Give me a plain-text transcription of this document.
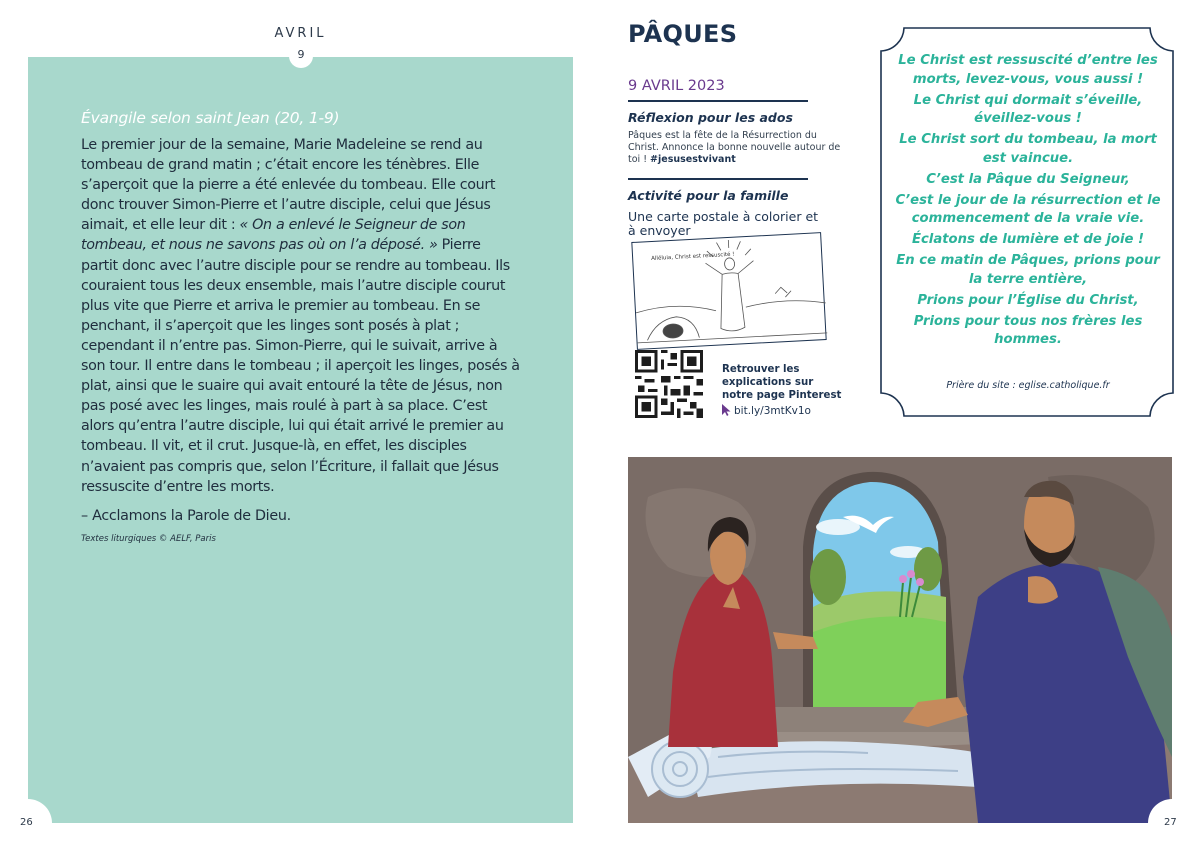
AVRIL
9
Évangile selon saint Jean (20, 1-9)
Le premier jour de la semaine, Marie Madeleine se rend au tombeau de grand matin ; c’était encore les ténèbres. Elle s’aperçoit que la pierre a été enlevée du tombeau. Elle court donc trouver Simon-Pierre et l’autre disciple, celui que Jésus aimait, et elle leur dit : « On a enlevé le Seigneur de son tombeau, et nous ne savons pas où on l’a déposé. » Pierre partit donc avec l’autre disciple pour se rendre au tombeau. Ils couraient tous les deux ensemble, mais l’autre disciple courut plus vite que Pierre et arriva le premier au tombeau. En se penchant, il s’aperçoit que les linges sont posés à plat ; cependant il n’entre pas. Simon-Pierre, qui le suivait, arrive à son tour. Il entre dans le tombeau ; il aperçoit les linges, posés à plat, ainsi que le suaire qui avait entouré la tête de Jésus, non pas posé avec les linges, mais roulé à part à sa place. C’est alors qu’entra l’autre disciple, lui qui était arrivé le premier au tombeau. Il vit, et il crut. Jusque-là, en effet, les disciples n’avaient pas compris que, selon l’Écriture, il fallait que Jésus ressuscite d’entre les morts.
– Acclamons la Parole de Dieu.
Textes liturgiques © AELF, Paris
26
PÂQUES
9 AVRIL 2023
Réflexion pour les ados
Pâques est la fête de la Résurrection du Christ. Annonce la bonne nouvelle autour de toi ! #jesusestvivant
Activité pour la famille
Une carte postale à colorier et à envoyer
Alléluia, Christ est ressuscité !
Retrouver les explications sur notre page Pinterest
bit.ly/3mtKv1o

Le Christ est ressuscité d’entre les morts, levez-vous, vous aussi !

Le Christ qui dormait s’éveille, éveillez-vous !

Le Christ sort du tombeau, la mort est vaincue.

C’est la Pâque du Seigneur,

C’est le jour de la résurrection et le commencement de la vraie vie.

Éclatons de lumière et de joie !

En ce matin de Pâques, prions pour la terre entière,

Prions pour l’Église du Christ,

Prions pour tous nos frères les hommes.

Prière du site : eglise.catholique.fr
27
